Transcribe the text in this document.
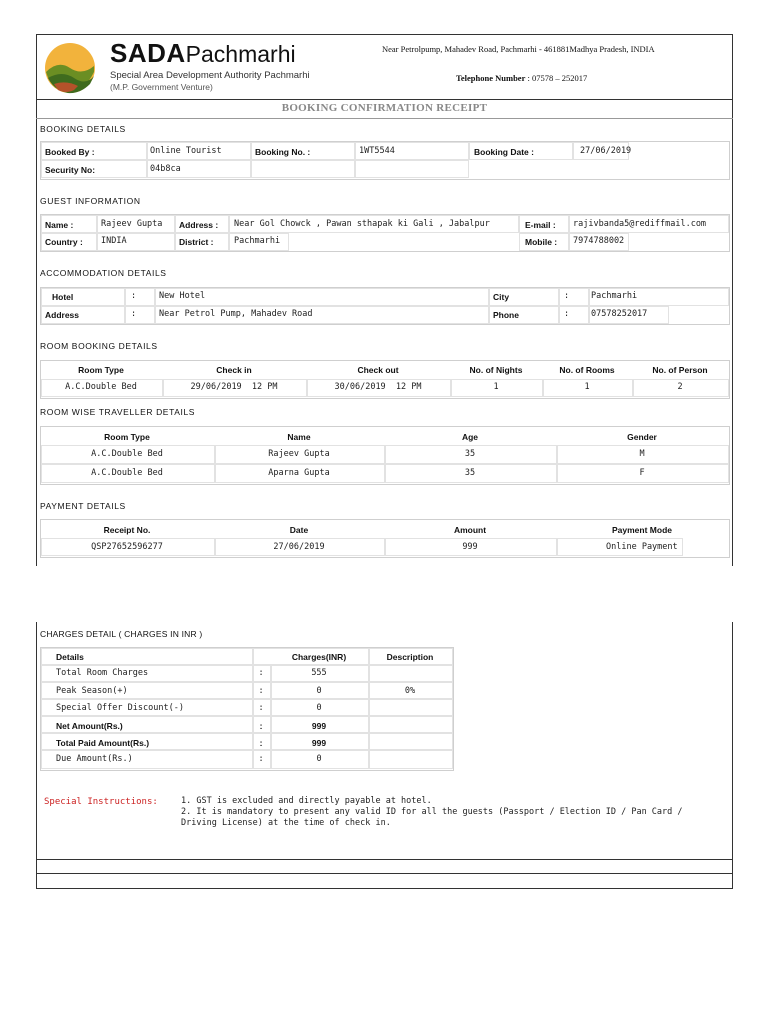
SADAPachmarhi
Special Area Development Authority Pachmarhi
(M.P. Government Venture)
Near Petrolpump, Mahadev Road, Pachmarhi - 461881Madhya Pradesh, INDIA
Telephone Number : 07578 – 252017
BOOKING CONFIRMATION RECEIPT
BOOKING DETAILS
Booked By :	Online Tourist	Booking No. :	1WT5544	Booking Date :	27/06/2019
Security No:	04b8ca
GUEST INFORMATION
Name :	Rajeev Gupta Address : Near Gol Chowck , Pawan sthapak ki Gali , Jabalpur	E-mail : rajivbanda5@rediffmail.com
Country : INDIA	District : Pachmarhi	Mobile : 7974788002
ACCOMMODATION DETAILS
Hotel	:	New Hotel	City	:	Pachmarhi
Address	:	Near Petrol Pump, Mahadev Road	Phone	:	07578252017
ROOM BOOKING DETAILS
Room Type	Check in	Check out	No. of Nights	No. of Rooms	No. of Person
A.C.Double Bed	29/06/2019  12 PM	30/06/2019  12 PM	1	1	2
ROOM WISE TRAVELLER DETAILS
Room Type	Name	Age	Gender
A.C.Double Bed	Rajeev Gupta	35	M
A.C.Double Bed	Aparna Gupta	35	F
PAYMENT DETAILS
Receipt No.	Date	Amount	Payment Mode
QSP27652596277	27/06/2019	999	Online Payment
CHARGES DETAIL ( CHARGES IN INR )
Details	Charges(INR)	Description
Total Room Charges	:	555
Peak Season(+)	:	0	0%
Special Offer Discount(-)	:	0
Net Amount(Rs.)	:	999
Total Paid Amount(Rs.)	:	999
Due Amount(Rs.)	:	0
Special Instructions:	1. GST is excluded and directly payable at hotel.
2. It is mandatory to present any valid ID for all the guests (Passport / Election ID / Pan Card /
Driving License) at the time of check in.
